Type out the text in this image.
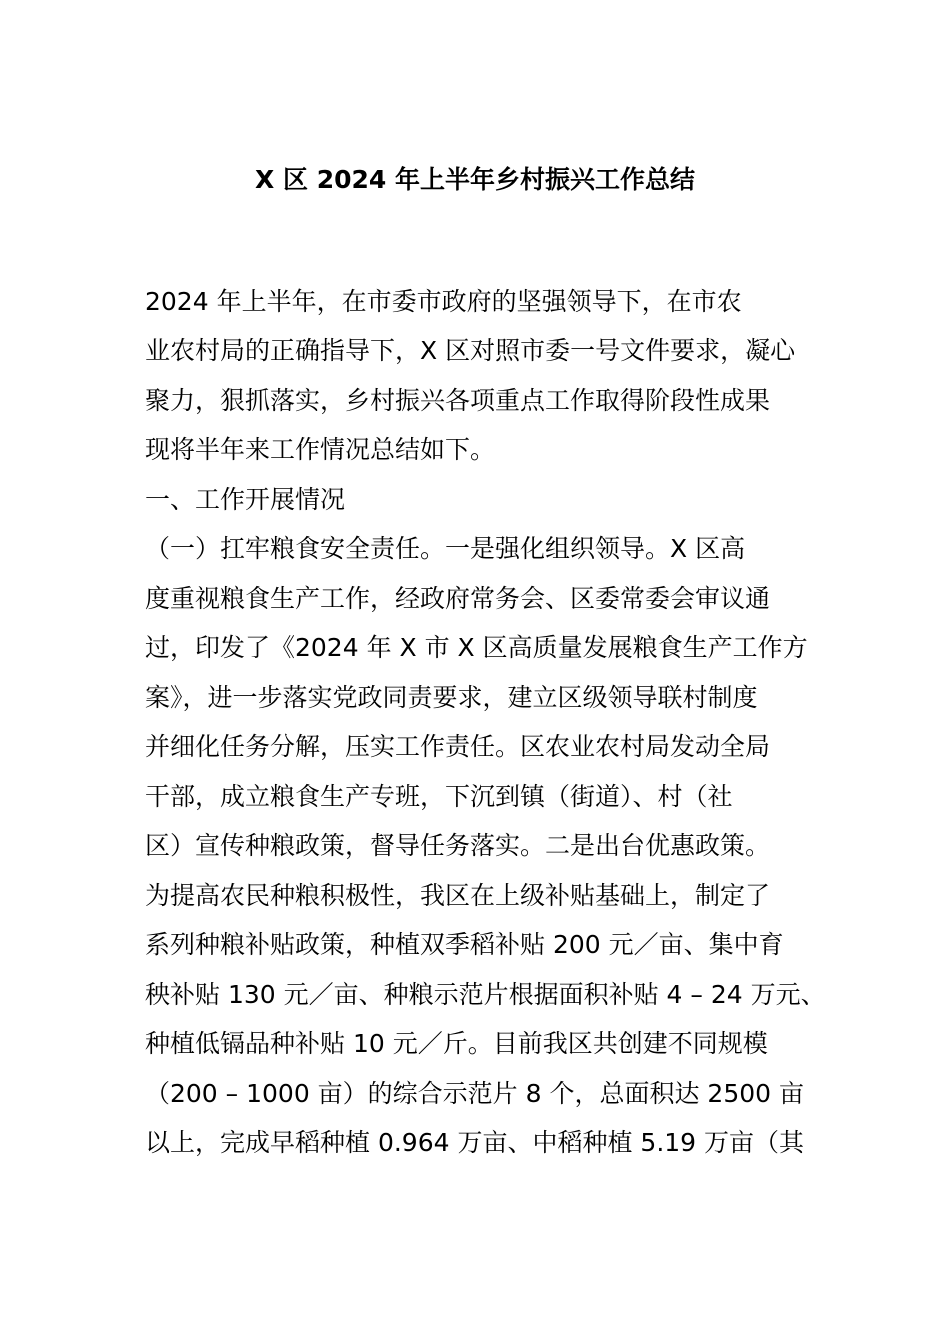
X 区 2024 年上半年乡村振兴工作总结
2024 年上半年，在市委市政府的坚强领导下，在市农
业农村局的正确指导下，X 区对照市委一号文件要求，凝心
聚力，狠抓落实，乡村振兴各项重点工作取得阶段性成果
现将半年来工作情况总结如下。
一、工作开展情况
（一）扛牢粮食安全责任。一是强化组织领导。X 区高
度重视粮食生产工作，经政府常务会、区委常委会审议通
过，印发了《2024 年 X 市 X 区高质量发展粮食生产工作方
案》，进一步落实党政同责要求，建立区级领导联村制度
并细化任务分解，压实工作责任。区农业农村局发动全局
干部，成立粮食生产专班，下沉到镇（街道）、村（社
区）宣传种粮政策，督导任务落实。二是出台优惠政策。
为提高农民种粮积极性，我区在上级补贴基础上，制定了
系列种粮补贴政策，种植双季稻补贴 200 元／亩、集中育
秧补贴 130 元／亩、种粮示范片根据面积补贴 4 – 24 万元、
种植低镉品种补贴 10 元／斤。目前我区共创建不同规模
（200 – 1000 亩）的综合示范片 8 个，总面积达 2500 亩
以上，完成早稻种植 0.964 万亩、中稻种植 5.19 万亩（其
